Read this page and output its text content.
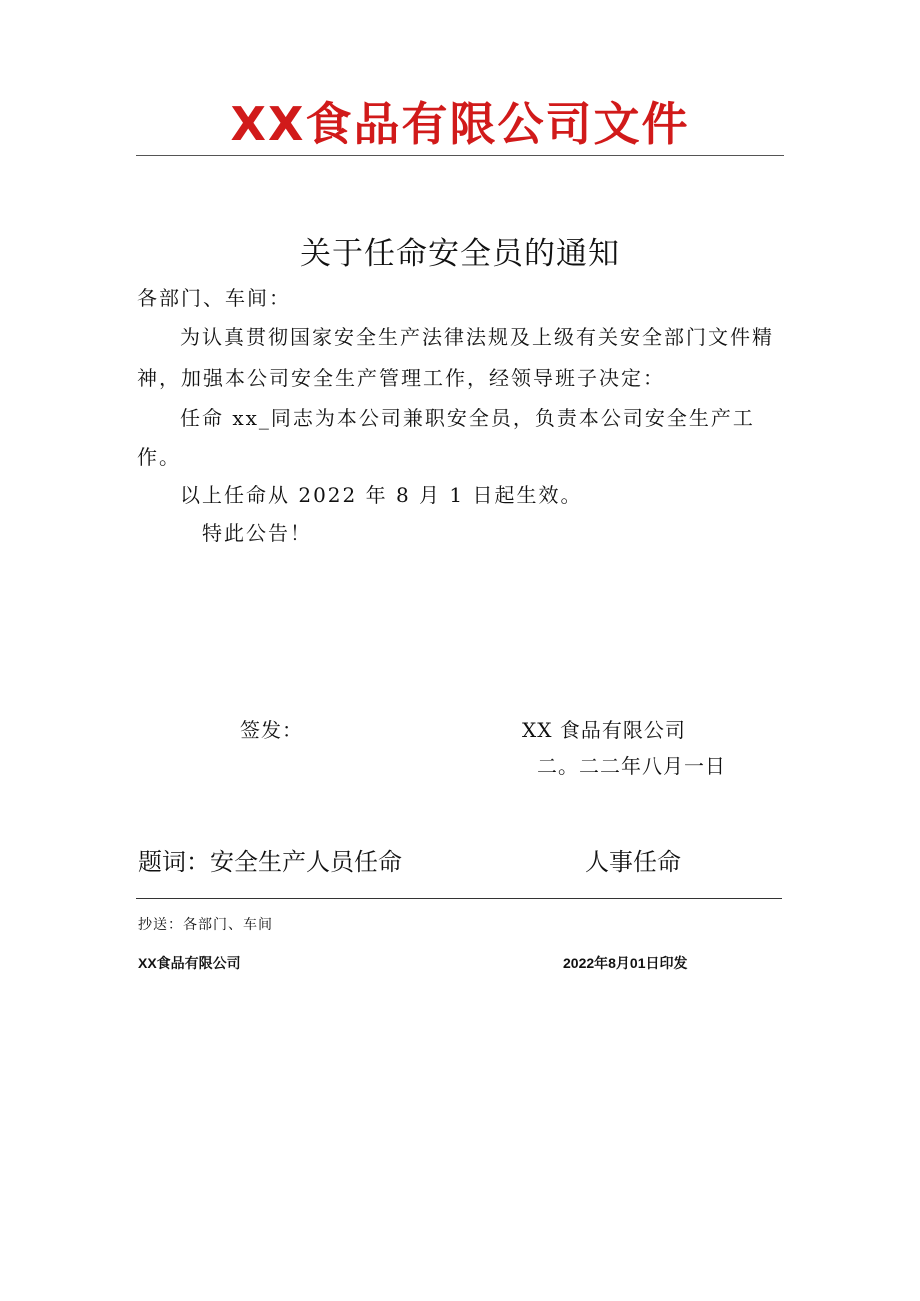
XX食品有限公司文件
关于任命安全员的通知
各部门、车间：
为认真贯彻国家安全生产法律法规及上级有关安全部门文件精
神，加强本公司安全生产管理工作，经领导班子决定：
任命 xx_同志为本公司兼职安全员，负责本公司安全生产工
作。
以上任命从 2022 年 8 月 1 日起生效。
特此公告！
签发：	XX 食品有限公司
二。二二年八月一日
题词：安全生产人员任命	人事任命
抄送：各部门、车间
XX食品有限公司	2022年8月01日印发
